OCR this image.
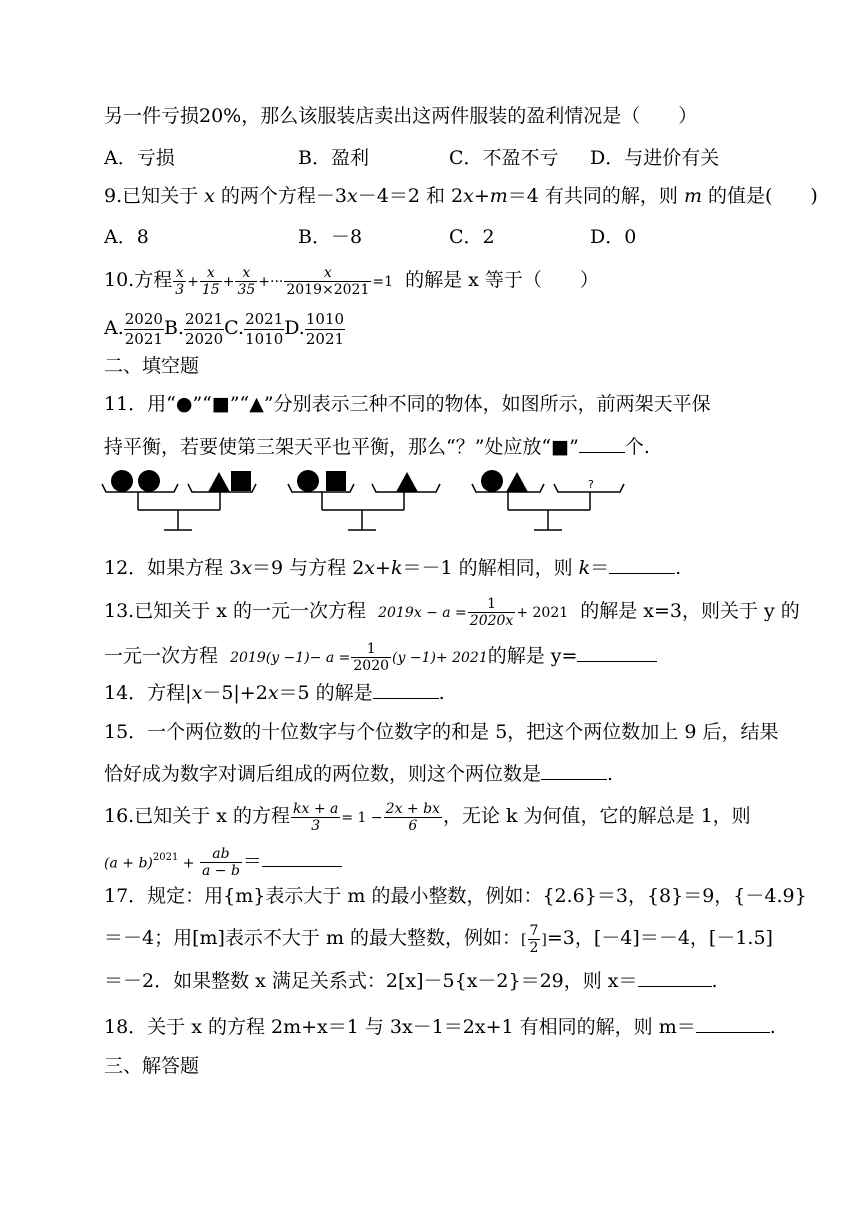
另一件亏损20%，那么该服装店卖出这两件服装的盈利情况是（　　）
A．亏损	B．盈利	C．不盈不亏 D．与进价有关
9.已知关于 x 的两个方程－3x－4＝2 和 2x+m＝4 有共同的解，则 m 的值是(　　)
A．8	B．－8	C．2	D．0
10.方程 $\frac{x}{3} + \frac{x}{15} + \frac{x}{35}$ +··· $\frac{x}{2019\times 2021} =1$ 的解是 x 等于（　　）
A. $\frac{2020}{2021} B$. $\frac{2021}{2020} C$. $\frac{2021}{1010} D$. $\frac{1010}{2021}$
二、填空题
11．用“●”“■”“▲”分别表示三种不同的物体，如图所示，前两架天平保
持平衡，若要使第三架天平也平衡，那么“？”处应放“■” 个.
?
12．如果方程 3x＝9 与方程 2x+k＝－1 的解相同，则 k＝	.
13.已知关于 x 的一元一次方程 $2019x - a = \frac{1}{2020x} + 2021$ 的解是 x=3，则关于 y 的
一元一次方程 $2019(y -1)- a = \frac{1}{2020} (y -1)+ 2021$的解是 y=
14．方程|x－5|+2x＝5 的解是	.
15．一个两位数的十位数字与个位数字的和是 5，把这个两位数加上 9 后，结果
恰好成为数字对调后组成的两位数，则这个两位数是	.
16.已知关于 x 的方程 $\frac{kx + a}{3} = 1 - \frac{2x + bx}{6}$ ，无论 k 为何值，它的解总是 1，则
$(a + b)^{2021} + \frac{ab}{a - b}$ ＝
17．规定：用{m}表示大于 m 的最小整数，例如：{2.6}＝3，{8}＝9，{－4.9}
＝－4；用[m]表示不大于 m 的最大整数，例如：[ $\frac{7}{2} ]=3$，[－4]＝－4，[－1.5]
＝－2．如果整数 x 满足关系式：2[x]－5{x－2}＝29，则 x＝	.
18．关于 x 的方程 2m+x＝1 与 3x－1＝2x+1 有相同的解，则 m＝	.
三、解答题
